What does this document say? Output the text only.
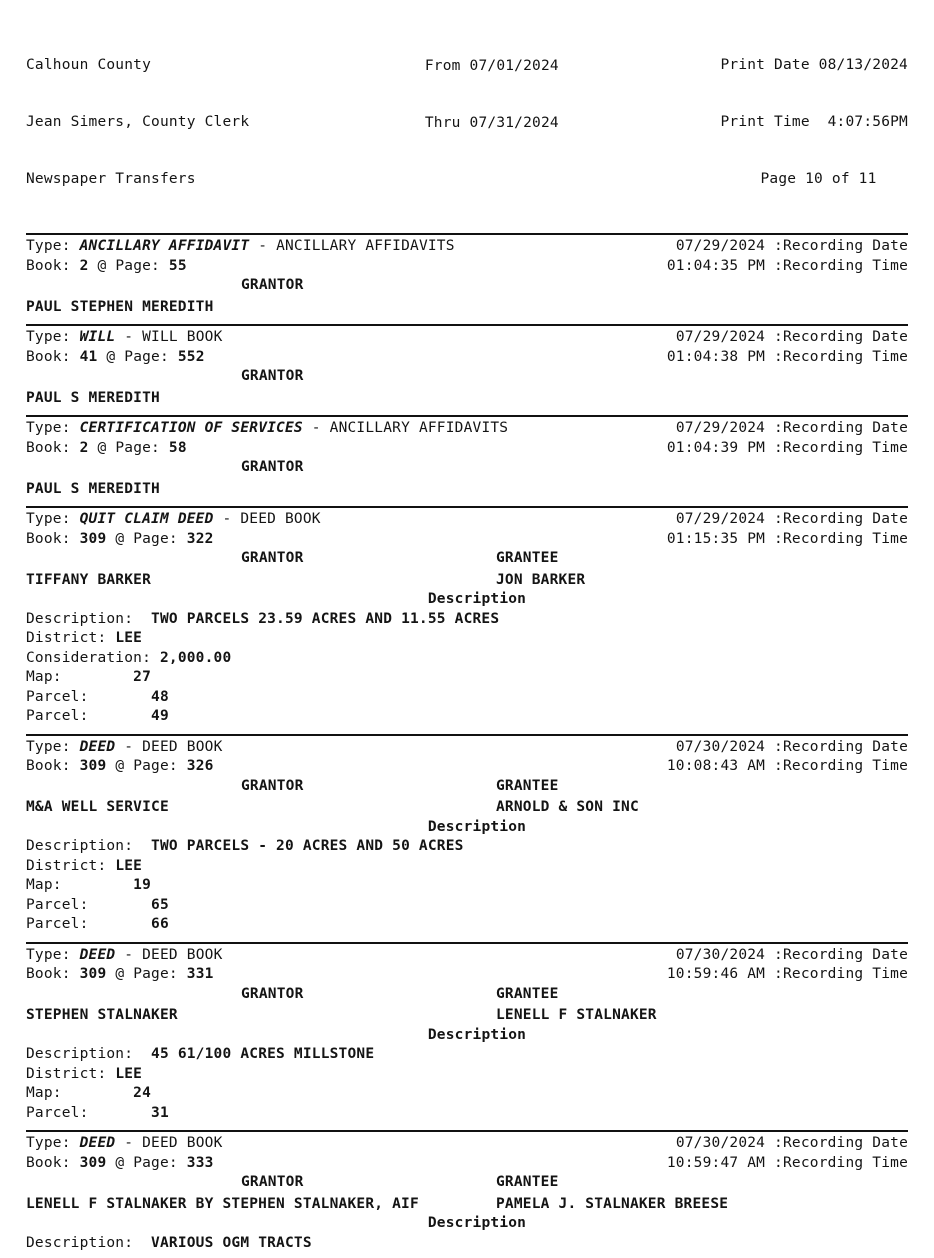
Calhoun County

Jean Simers, County Clerk

Newspaper Transfers

From 07/01/2024

Thru 07/31/2024

Print Date 08/13/2024

Print Time  4:07:56PM

Page 10 of 11

Type: ANCILLARY AFFIDAVIT - ANCILLARY AFFIDAVITS	07/29/2024 :Recording Date
Book: 2 @ Page: 55	01:04:35 PM :Recording Time
GRANTOR
PAUL STEPHEN MEREDITH
Type: WILL - WILL BOOK	07/29/2024 :Recording Date
Book: 41 @ Page: 552	01:04:38 PM :Recording Time
GRANTOR
PAUL S MEREDITH
Type: CERTIFICATION OF SERVICES - ANCILLARY AFFIDAVITS	07/29/2024 :Recording Date
Book: 2 @ Page: 58	01:04:39 PM :Recording Time
GRANTOR
PAUL S MEREDITH
Type: QUIT CLAIM DEED - DEED BOOK	07/29/2024 :Recording Date
Book: 309 @ Page: 322	01:15:35 PM :Recording Time
GRANTOR	GRANTEE
TIFFANY BARKER	JON BARKER
Description
Description:  TWO PARCELS 23.59 ACRES AND 11.55 ACRES
District: LEE
Consideration: 2,000.00
Map:        27
Parcel:       48
Parcel:       49
Type: DEED - DEED BOOK	07/30/2024 :Recording Date
Book: 309 @ Page: 326	10:08:43 AM :Recording Time
GRANTOR	GRANTEE
M&A WELL SERVICE	ARNOLD & SON INC
Description
Description:  TWO PARCELS - 20 ACRES AND 50 ACRES
District: LEE
Map:        19
Parcel:       65
Parcel:       66
Type: DEED - DEED BOOK	07/30/2024 :Recording Date
Book: 309 @ Page: 331	10:59:46 AM :Recording Time
GRANTOR	GRANTEE
STEPHEN STALNAKER	LENELL F STALNAKER
Description
Description:  45 61/100 ACRES MILLSTONE
District: LEE
Map:        24
Parcel:       31
Type: DEED - DEED BOOK	07/30/2024 :Recording Date
Book: 309 @ Page: 333	10:59:47 AM :Recording Time
GRANTOR	GRANTEE
LENELL F STALNAKER BY STEPHEN STALNAKER, AIF	PAMELA J. STALNAKER BREESE
Description
Description:  VARIOUS OGM TRACTS
